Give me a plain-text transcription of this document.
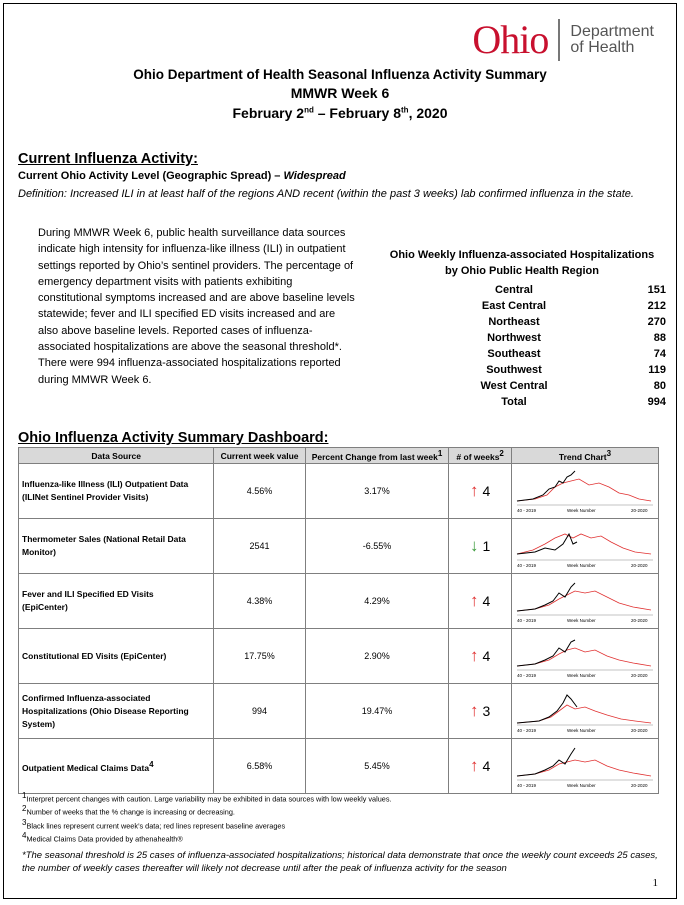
Ohio Department
of Health
Ohio Department of Health Seasonal Influenza Activity Summary
MMWR Week 6
February 2nd – February 8th, 2020
Current Influenza Activity:
Current Ohio Activity Level (Geographic Spread) – Widespread
Definition: Increased ILI in at least half of the regions AND recent (within the past 3 weeks) lab confirmed influenza in the state.
During MMWR Week 6, public health surveillance data sources indicate high intensity for influenza-like illness (ILI) in outpatient settings reported by Ohio’s sentinel providers. The percentage of emergency department visits with patients exhibiting constitutional symptoms increased and are above baseline levels statewide; fever and ILI specified ED visits increased and are also above baseline levels. Reported cases of influenza-associated hospitalizations are above the seasonal threshold*. There were 994 influenza-associated hospitalizations reported during MMWR Week 6.
Ohio Weekly Influenza-associated Hospitalizations
by Ohio Public Health Region
Central	151
East Central	212
Northeast	270
Northwest	88
Southeast	74
Southwest	119
West Central	80
Total	994
Ohio Influenza Activity Summary Dashboard:
Data Source	Current week value	Percent Change from last week$^1$	# of weeks$^2$	Trend Chart$^3$
Influenza-like Illness (ILI) Outpatient Data
(ILINet Sentinel Provider Visits)	4.56%	3.17%	↑ 4	40 - 2019 Week Number 20-2020

Thermometer Sales (National Retail Data
Monitor)	2541	-6.55%	↓ 1	40 - 2019 Week Number 20-2020

Fever and ILI Specified ED Visits
(EpiCenter)	4.38%	4.29%	↑ 4	40 - 2019 Week Number 20-2020

Constitutional ED Visits (EpiCenter)	17.75%	2.90%	↑ 4	40 - 2019 Week Number 20-2020

Confirmed Influenza-associated
Hospitalizations (Ohio Disease Reporting
System)	994	19.47%	↑ 3	40 - 2019 Week Number 20-2020

Outpatient Medical Claims Data$^4$	6.58%	5.45%	↑ 4	40 - 2019 Week Number 20-2020
$^1$Interpret percent changes with caution. Large variability may be exhibited in data sources with low weekly values.
$^2$Number of weeks that the % change is increasing or decreasing.
$^3$Black lines represent current week’s data; red lines represent baseline averages
$^4$Medical Claims Data provided by athenahealth®
*The seasonal threshold is 25 cases of influenza-associated hospitalizations; historical data demonstrate that once the weekly count exceeds 25 cases, the number of weekly cases thereafter will likely not decrease until after the peak of influenza activity for the season
1
